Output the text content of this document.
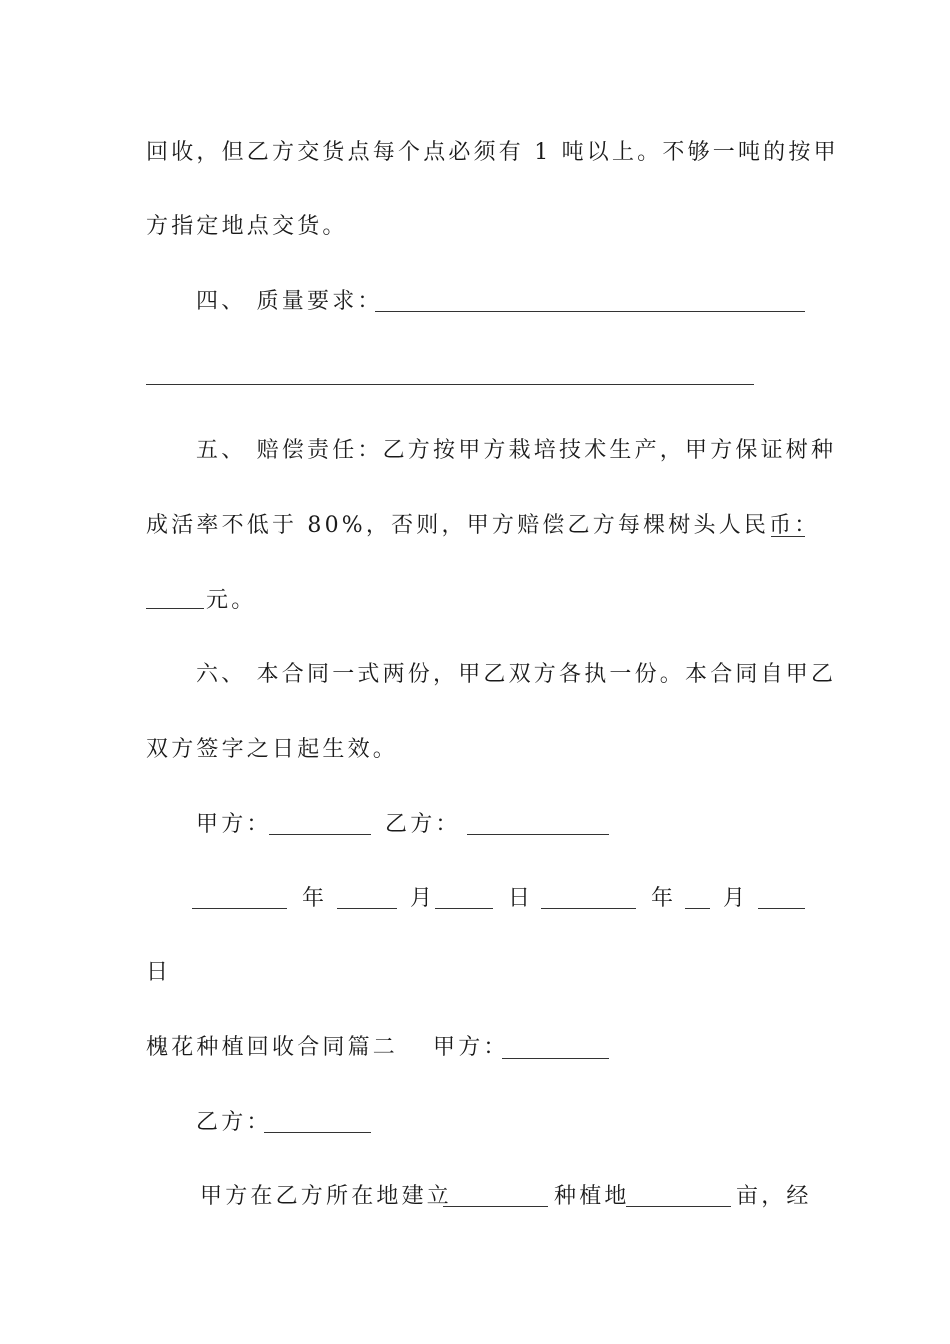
回收，但乙方交货点每个点必须有 1 吨以上。不够一吨的按甲
方指定地点交货。
四、 质量要求：
五、 赔偿责任：乙方按甲方栽培技术生产，甲方保证树种
成活率不低于 80%，否则，甲方赔偿乙方每棵树头人民币：
元。
六、 本合同一式两份，甲乙双方各执一份。本合同自甲乙
双方签字之日起生效。
甲方：	乙方：
年	月	日	年 月
日
槐花种植回收合同篇二 甲方：
乙方：
甲方在乙方所在地建立	种植地	亩，经
